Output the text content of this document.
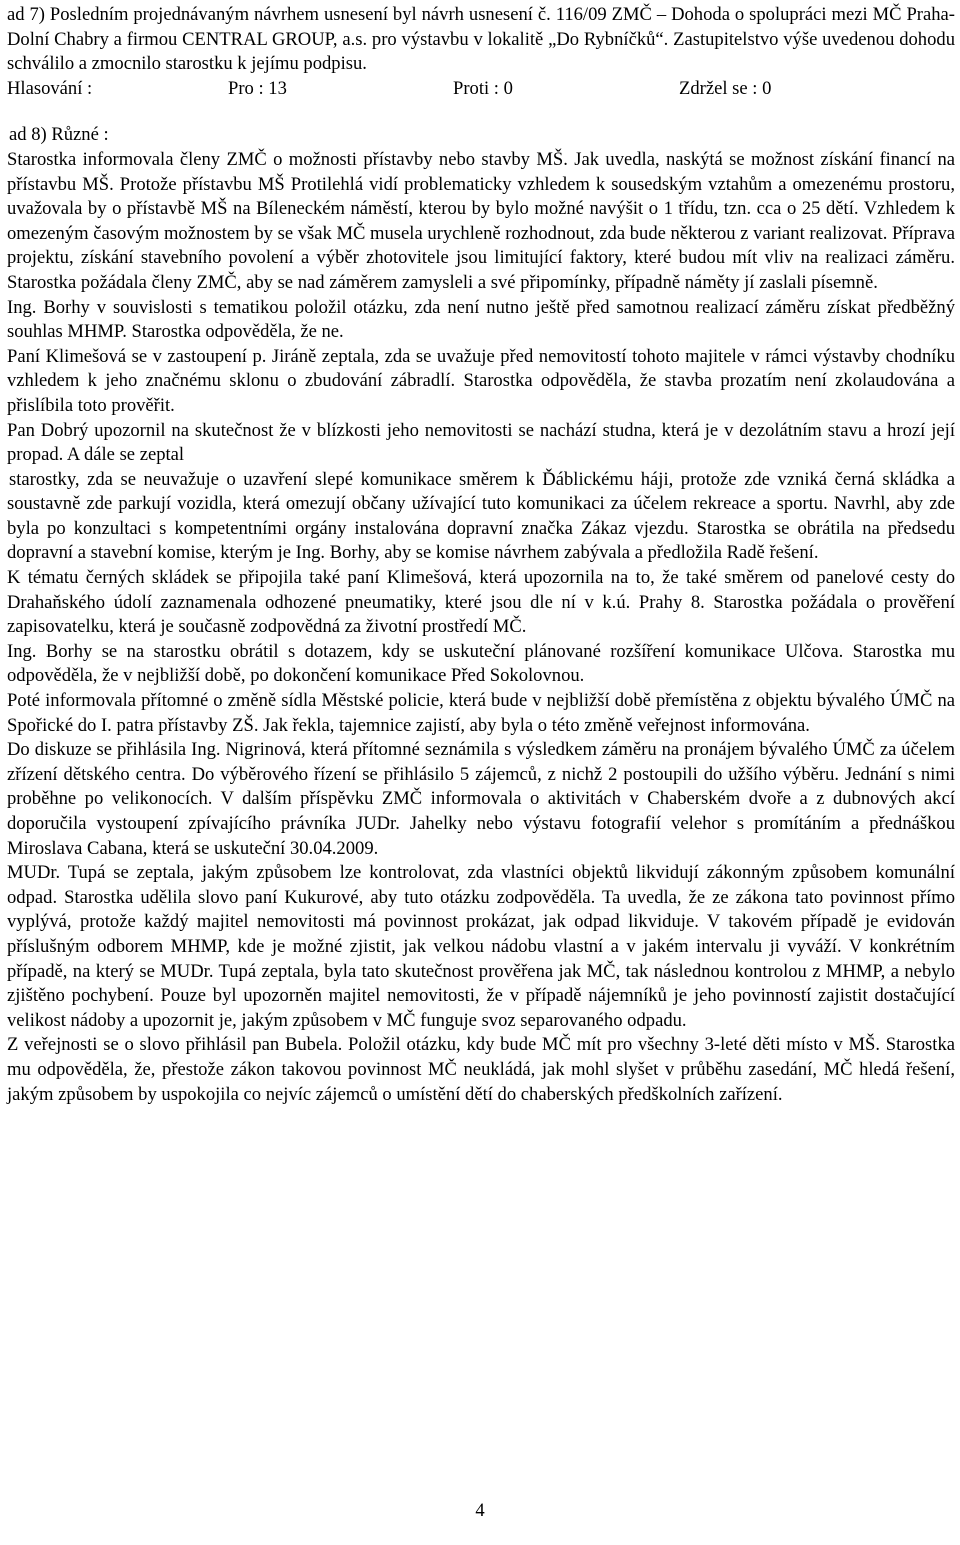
ad 7) Posledním projednávaným návrhem usnesení byl návrh usnesení č. 116/09 ZMČ – Dohoda o spolupráci mezi MČ Praha-Dolní Chabry a firmou CENTRAL GROUP, a.s. pro výstavbu v lokalitě „Do Rybníčků“. Zastupitelstvo výše uvedenou dohodu schválilo a zmocnilo starostku k jejímu podpisu.

Hlasování :	Pro : 13	Proti : 0	Zdržel se : 0
ad 8) Různé :

Starostka informovala členy ZMČ o možnosti přístavby nebo stavby MŠ. Jak uvedla, naskýtá se možnost získání financí na přístavbu MŠ. Protože přístavbu MŠ Protilehlá vidí problematicky vzhledem k sousedským vztahům a omezenému prostoru, uvažovala by o přístavbě MŠ na Bíleneckém náměstí, kterou by bylo možné navýšit o 1 třídu, tzn. cca o 25 dětí. Vzhledem k omezeným časovým možnostem by se však MČ musela urychleně rozhodnout, zda bude některou z variant realizovat. Příprava projektu, získání stavebního povolení a výběr zhotovitele jsou limitující faktory, které budou mít vliv na realizaci záměru. Starostka požádala členy ZMČ, aby se nad záměrem zamysleli a své připomínky, případně náměty jí zaslali písemně.

Ing. Borhy v souvislosti s tematikou položil otázku, zda není nutno ještě před samotnou realizací záměru získat předběžný souhlas MHMP. Starostka odpověděla, že ne.

Paní Klimešová se v zastoupení p. Jiráně zeptala, zda se uvažuje před nemovitostí tohoto majitele v rámci výstavby chodníku vzhledem k jeho značnému sklonu o zbudování zábradlí. Starostka odpověděla, že stavba prozatím není zkolaudována a přislíbila toto prověřit.

Pan Dobrý upozornil na skutečnost že v blízkosti jeho nemovitosti se nachází studna, která je v dezolátním stavu a hrozí její propad. A dále se zeptal

starostky, zda se neuvažuje o uzavření slepé komunikace směrem k Ďáblickému háji, protože zde vzniká černá skládka a soustavně zde parkují vozidla, která omezují občany užívající tuto komunikaci za účelem rekreace a sportu. Navrhl, aby zde byla po konzultaci s kompetentními orgány instalována dopravní značka Zákaz vjezdu. Starostka se obrátila na předsedu dopravní a stavební komise, kterým je Ing. Borhy, aby se komise návrhem zabývala a předložila Radě řešení.

K tématu černých skládek se připojila také paní Klimešová, která upozornila na to, že také směrem od panelové cesty do Drahaňského údolí zaznamenala odhozené pneumatiky, které jsou dle ní v k.ú. Prahy 8. Starostka požádala o prověření zapisovatelku, která je současně zodpovědná za životní prostředí MČ.

Ing. Borhy se na starostku obrátil s dotazem, kdy se uskuteční plánované rozšíření komunikace Ulčova. Starostka mu odpověděla, že v nejbližší době, po dokončení komunikace Před Sokolovnou.

Poté informovala přítomné o změně sídla Městské policie, která bude v nejbližší době přemístěna z objektu bývalého ÚMČ na Spořické do I. patra přístavby ZŠ. Jak řekla, tajemnice zajistí, aby byla o této změně veřejnost informována.

Do diskuze se přihlásila Ing. Nigrinová, která přítomné seznámila s výsledkem záměru na pronájem bývalého ÚMČ za účelem zřízení dětského centra. Do výběrového řízení se přihlásilo 5 zájemců, z nichž 2 postoupili do užšího výběru. Jednání s nimi proběhne po velikonocích. V dalším příspěvku ZMČ informovala o aktivitách v Chaberském dvoře a z dubnových akcí doporučila vystoupení zpívajícího právníka JUDr. Jahelky nebo výstavu fotografií velehor s promítáním a přednáškou Miroslava Cabana, která se uskuteční 30.04.2009.

MUDr. Tupá se zeptala, jakým způsobem lze kontrolovat, zda vlastníci objektů likvidují zákonným způsobem komunální odpad. Starostka udělila slovo paní Kukurové, aby tuto otázku zodpověděla. Ta uvedla, že ze zákona tato povinnost přímo vyplývá, protože každý majitel nemovitosti má povinnost prokázat, jak odpad likviduje. V takovém případě je evidován příslušným odborem MHMP, kde je možné zjistit, jak velkou nádobu vlastní a v jakém intervalu ji vyváží. V konkrétním případě, na který se MUDr. Tupá zeptala, byla tato skutečnost prověřena jak MČ, tak následnou kontrolou z MHMP, a nebylo zjištěno pochybení. Pouze byl upozorněn majitel nemovitosti, že v případě nájemníků je jeho povinností zajistit dostačující velikost nádoby a upozornit je, jakým způsobem v MČ funguje svoz separovaného odpadu.

Z veřejnosti se o slovo přihlásil pan Bubela. Položil otázku, kdy bude MČ mít pro všechny 3-leté děti místo v MŠ. Starostka mu odpověděla, že, přestože zákon takovou povinnost MČ neukládá, jak mohl slyšet v průběhu zasedání, MČ hledá řešení, jakým způsobem by uspokojila co nejvíc zájemců o umístění dětí do chaberských předškolních zařízení.

4
